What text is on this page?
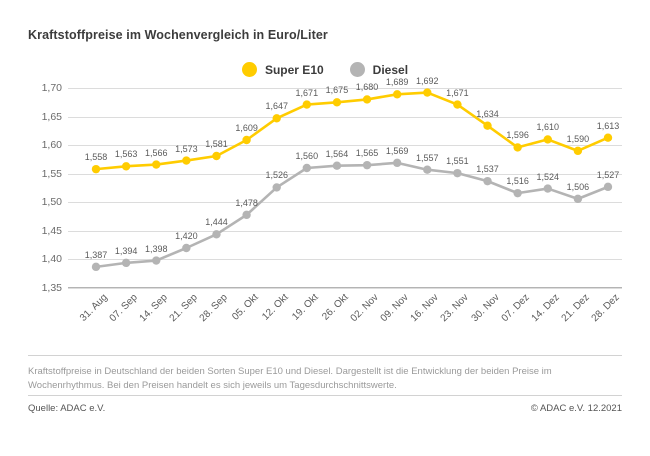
Kraftstoffpreise im Wochenvergleich in Euro/Liter
Super E10	Diesel
1,70
1,65
1,60
1,55
1,50
1,45
1,40
1,35
1,558 1,563 1,566 1,573 1,581
1,609
1,647
1,671 1,675 1,680
1,689 1,692
1,671
1,634
1,596
1,610
1,590
1,613
1,387 1,394 1,398
1,420
1,444
1,478
1,526
1,560 1,564 1,565 1,569
1,557 1,551
1,537
1,516 1,524
1,506
1,527
31. Aug
07. Sep
14. Sep
21. Sep
28. Sep 05. Okt 12. Okt 19. Okt 26. Okt
02. Nov
09. Nov
16. Nov
23. Nov
30. Nov
07. Dez
14. Dez
21. Dez
28. Dez
Kraftstoffpreise in Deutschland der beiden Sorten Super E10 und Diesel. Dargestellt ist die Entwicklung der beiden Preise im Wochenrhythmus. Bei den Preisen handelt es sich jeweils um Tagesdurchschnittswerte.
Quelle: ADAC e.V.	© ADAC e.V. 12.2021
